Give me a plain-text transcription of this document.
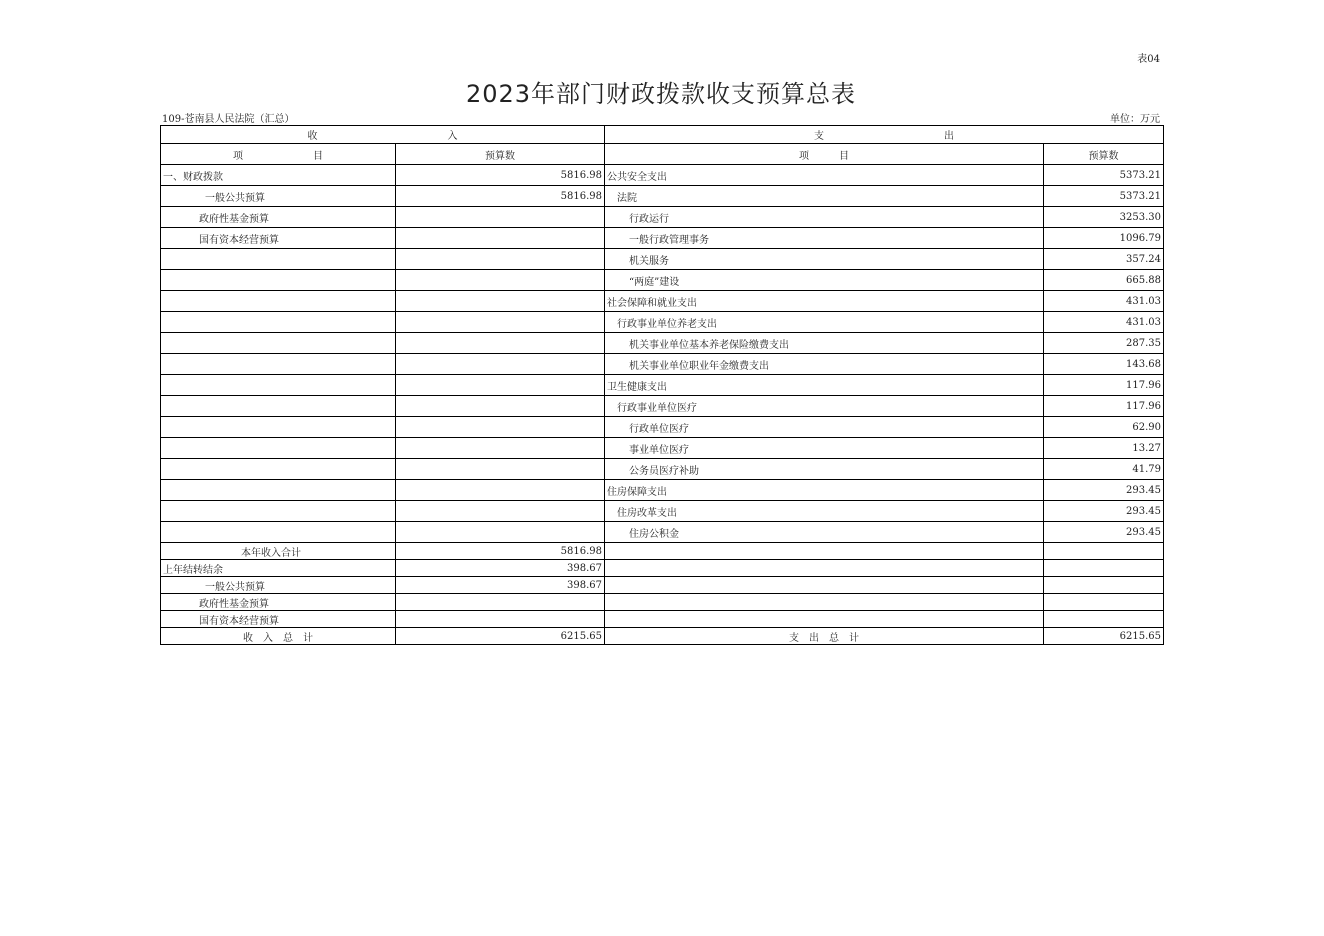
表04
2023年部门财政拨款收支预算总表
109-苍南县人民法院（汇总）	单位：万元
收　　　　　　　　　　　　　入		支　　　　　　　　　　　　出	
项　　　　　　　目	预算数	项　　　目	预算数
一、财政拨款	5816.98	公共安全支出	5373.21
一般公共预算	5816.98	法院	5373.21
政府性基金预算		行政运行	3253.30
国有资本经营预算		一般行政管理事务	1096.79
		机关服务	357.24
		“两庭”建设	665.88
		社会保障和就业支出	431.03
		行政事业单位养老支出	431.03
		机关事业单位基本养老保险缴费支出	287.35
		机关事业单位职业年金缴费支出	143.68
		卫生健康支出	117.96
		行政事业单位医疗	117.96
		行政单位医疗	62.90
		事业单位医疗	13.27
		公务员医疗补助	41.79
		住房保障支出	293.45
		住房改革支出	293.45
		住房公积金	293.45
本年收入合计	5816.98		
上年结转结余	398.67		
一般公共预算	398.67		
政府性基金预算			
国有资本经营预算			
收　入　总　计	6215.65	支　出　总　计	6215.65
